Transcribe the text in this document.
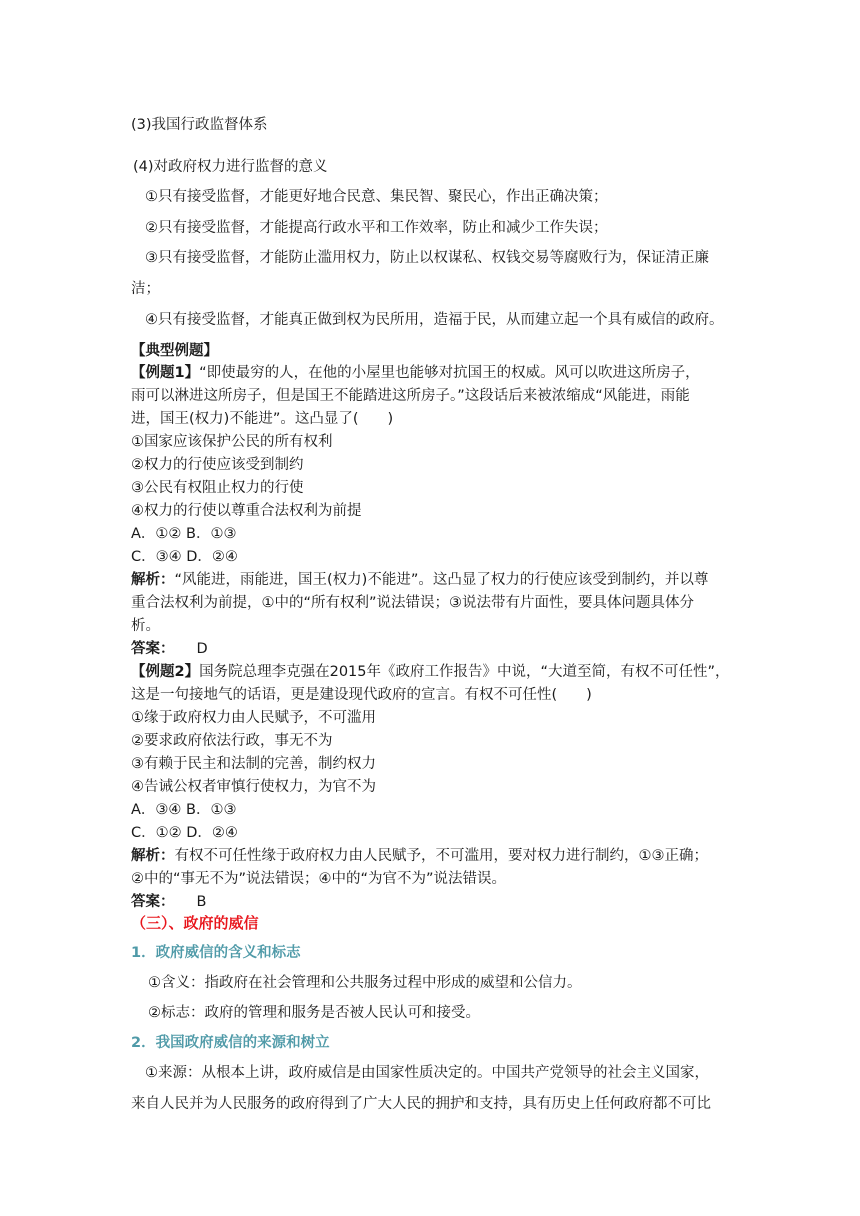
(3)我国行政监督体系
(4)对政府权力进行监督的意义
①只有接受监督，才能更好地合民意、集民智、聚民心，作出正确决策；
②只有接受监督，才能提高行政水平和工作效率，防止和减少工作失误；
③只有接受监督，才能防止滥用权力，防止以权谋私、权钱交易等腐败行为，保证清正廉
洁；
④只有接受监督，才能真正做到权为民所用，造福于民，从而建立起一个具有威信的政府。
【典型例题】
【例题1】“即使最穷的人，在他的小屋里也能够对抗国王的权威。风可以吹进这所房子，
雨可以淋进这所房子，但是国王不能踏进这所房子。”这段话后来被浓缩成“风能进，雨能
进，国王(权力)不能进”。这凸显了(　　)
①国家应该保护公民的所有权利
②权力的行使应该受到制约
③公民有权阻止权力的行使
④权力的行使以尊重合法权利为前提
A．①② B．①③
C．③④ D．②④
解析：“风能进，雨能进，国王(权力)不能进”。这凸显了权力的行使应该受到制约，并以尊
重合法权利为前提，①中的“所有权利”说法错误；③说法带有片面性，要具体问题具体分
析。
答案： D
【例题2】国务院总理李克强在2015年《政府工作报告》中说，“大道至简，有权不可任性”，
这是一句接地气的话语，更是建设现代政府的宣言。有权不可任性(　　)
①缘于政府权力由人民赋予，不可滥用
②要求政府依法行政，事无不为
③有赖于民主和法制的完善，制约权力
④告诫公权者审慎行使权力，为官不为
A．③④ B．①③
C．①② D．②④
解析：有权不可任性缘于政府权力由人民赋予，不可滥用，要对权力进行制约，①③正确；
②中的“事无不为”说法错误；④中的“为官不为”说法错误。
答案： B
（三）、政府的威信
1．政府威信的含义和标志
①含义：指政府在社会管理和公共服务过程中形成的威望和公信力。
②标志：政府的管理和服务是否被人民认可和接受。
2．我国政府威信的来源和树立
①来源：从根本上讲，政府威信是由国家性质决定的。中国共产党领导的社会主义国家，
来自人民并为人民服务的政府得到了广大人民的拥护和支持，具有历史上任何政府都不可比
